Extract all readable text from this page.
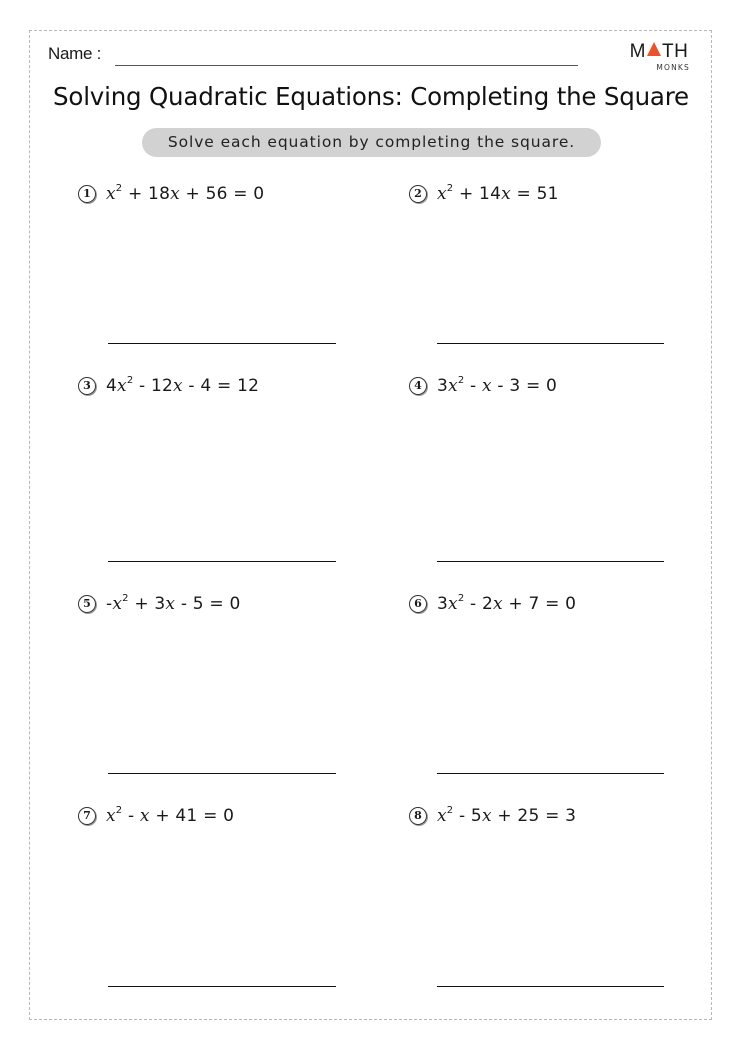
Name :	M TH
MONKS
Solving Quadratic Equations: Completing the Square
Solve each equation by completing the square.
1 $x^2 + 18x + 56 = 0$	2 $x^2 + 14x = 51$
3 $4x^2 - 12x - 4 = 12$	4 $3x^2 - x - 3 = 0$
5 $-x^2 + 3x - 5 = 0$	6 $3x^2 - 2x + 7 = 0$
7 $x^2 - x + 41 = 0$	8 $x^2 - 5x + 25 = 3$
